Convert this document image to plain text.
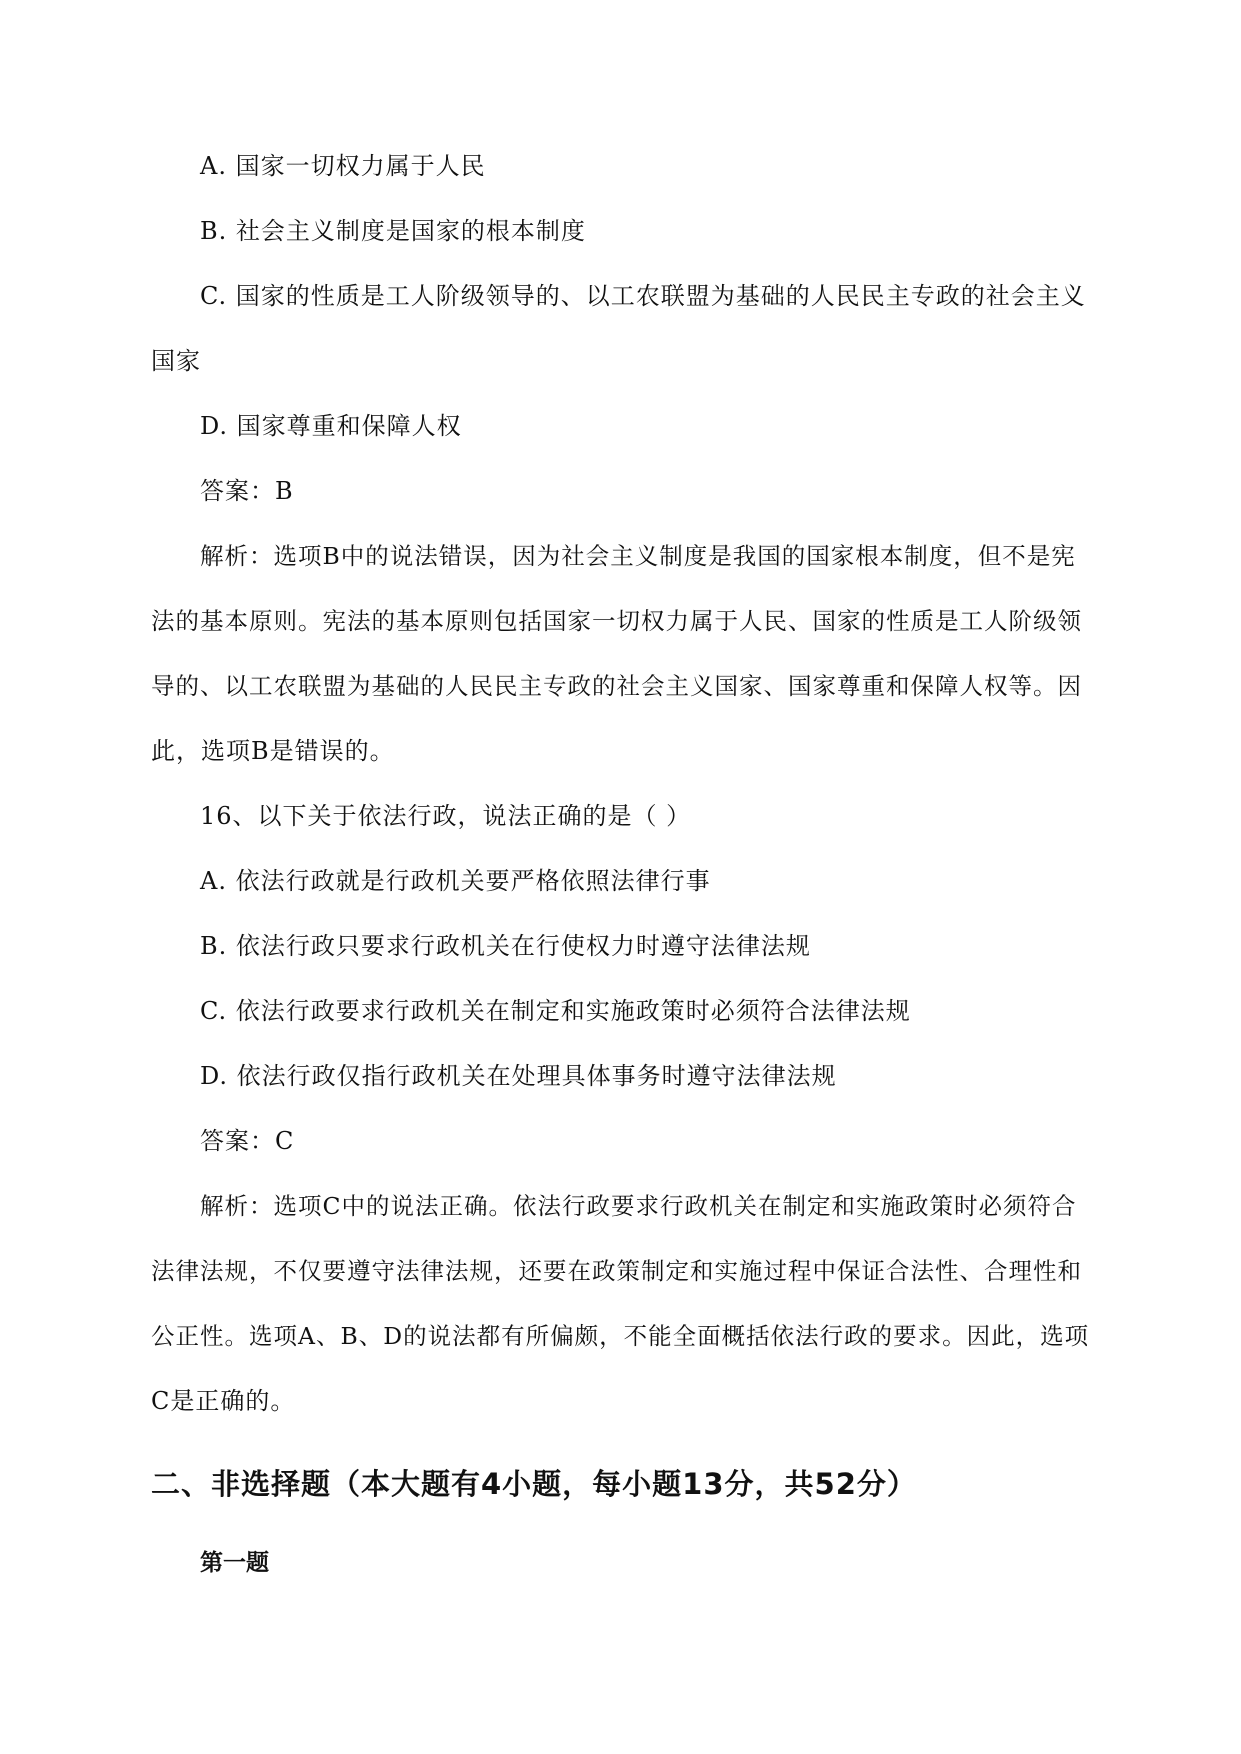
A. 国家一切权力属于人民
B. 社会主义制度是国家的根本制度
C. 国家的性质是工人阶级领导的、以工农联盟为基础的人民民主专政的社会主义
国家
D. 国家尊重和保障人权
答案：B
解析：选项B中的说法错误，因为社会主义制度是我国的国家根本制度，但不是宪
法的基本原则。宪法的基本原则包括国家一切权力属于人民、国家的性质是工人阶级领
导的、以工农联盟为基础的人民民主专政的社会主义国家、国家尊重和保障人权等。因
此，选项B是错误的。
16、以下关于依法行政，说法正确的是（ ）
A. 依法行政就是行政机关要严格依照法律行事
B. 依法行政只要求行政机关在行使权力时遵守法律法规
C. 依法行政要求行政机关在制定和实施政策时必须符合法律法规
D. 依法行政仅指行政机关在处理具体事务时遵守法律法规
答案：C
解析：选项C中的说法正确。依法行政要求行政机关在制定和实施政策时必须符合
法律法规，不仅要遵守法律法规，还要在政策制定和实施过程中保证合法性、合理性和
公正性。选项A、B、D的说法都有所偏颇，不能全面概括依法行政的要求。因此，选项
C是正确的。
二、非选择题（本大题有4小题，每小题13分，共52分）
第一题
